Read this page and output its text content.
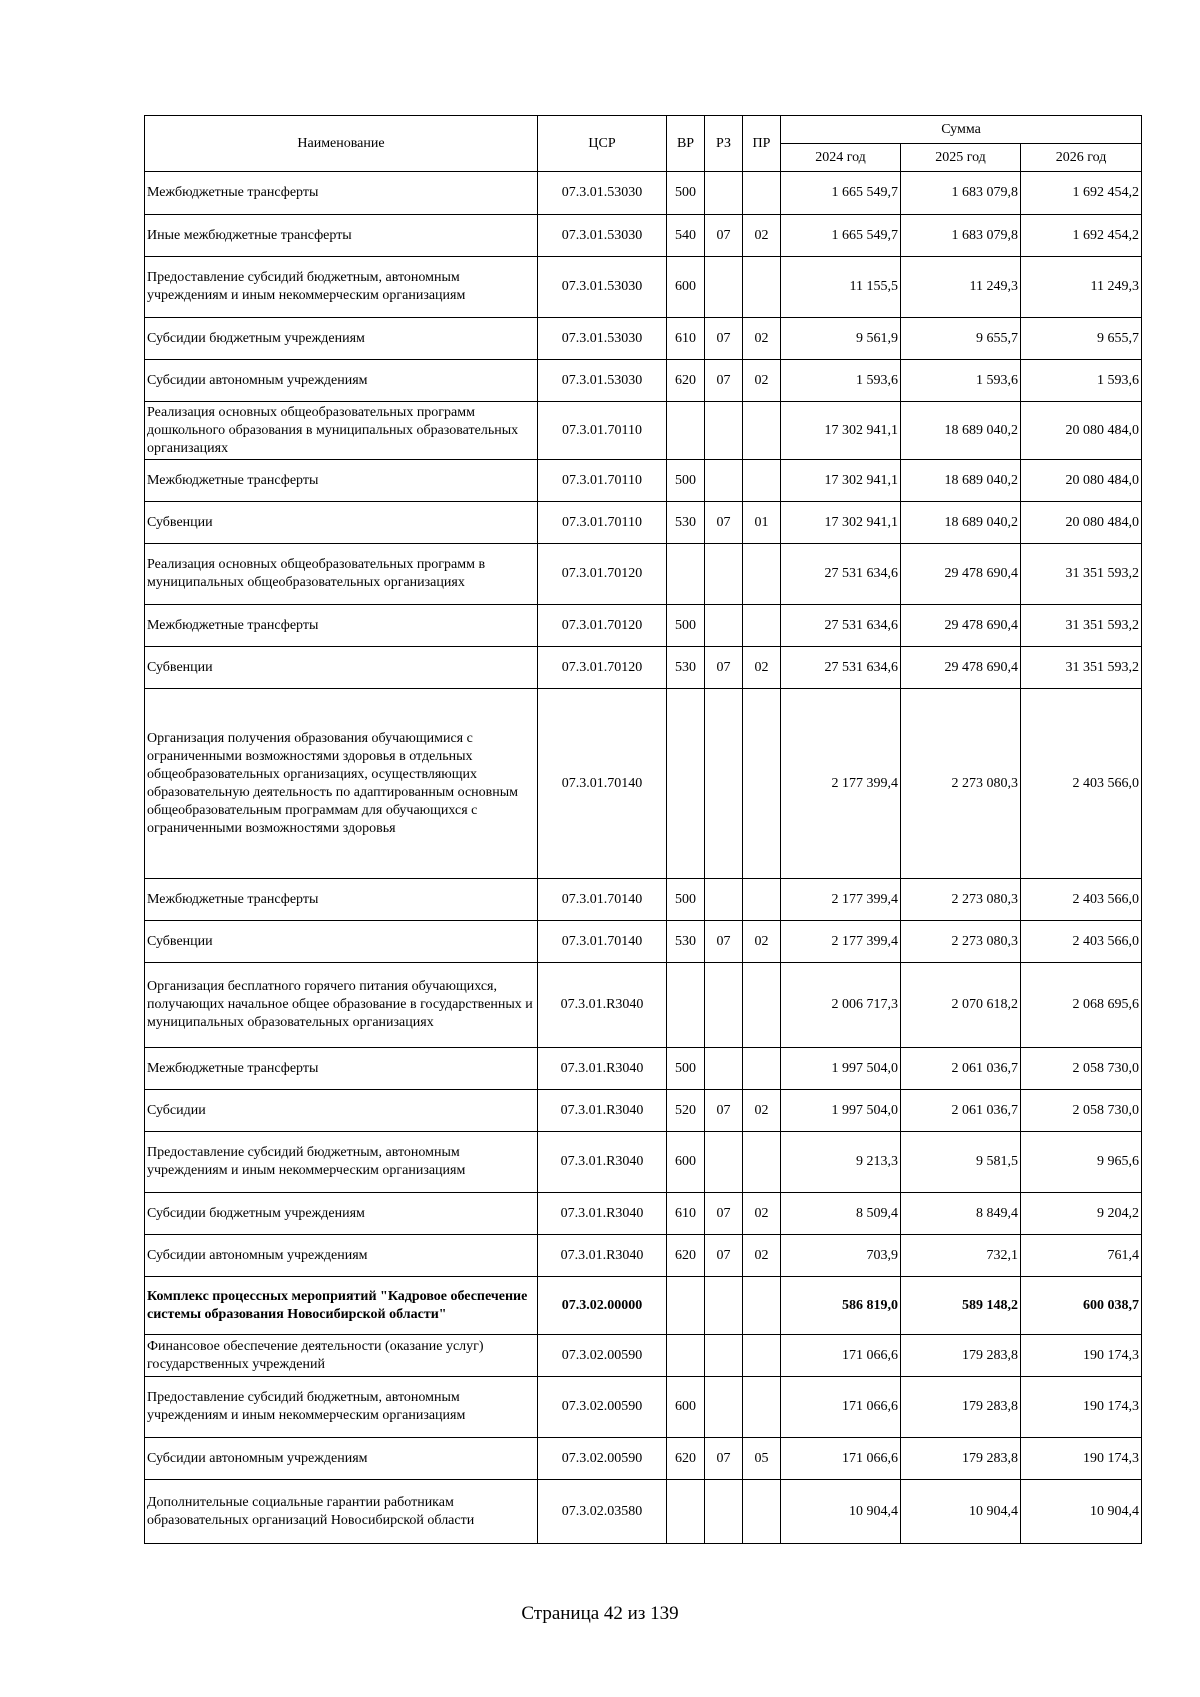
Наименование	ЦСР	ВР	РЗ	ПР	Сумма		
					2024 год	2025 год	2026 год
Межбюджетные трансферты	07.3.01.53030	500			1 665 549,7	1 683 079,8	1 692 454,2
Иные межбюджетные трансферты	07.3.01.53030	540	07	02	1 665 549,7	1 683 079,8	1 692 454,2
Предоставление субсидий бюджетным, автономным учреждениям и иным некоммерческим организациям	07.3.01.53030	600			11 155,5	11 249,3	11 249,3
Субсидии бюджетным учреждениям	07.3.01.53030	610	07	02	9 561,9	9 655,7	9 655,7
Субсидии автономным учреждениям	07.3.01.53030	620	07	02	1 593,6	1 593,6	1 593,6
Реализация основных общеобразовательных программ дошкольного образования в муниципальных образовательных организациях	07.3.01.70110				17 302 941,1	18 689 040,2	20 080 484,0
Межбюджетные трансферты	07.3.01.70110	500			17 302 941,1	18 689 040,2	20 080 484,0
Субвенции	07.3.01.70110	530	07	01	17 302 941,1	18 689 040,2	20 080 484,0
Реализация основных общеобразовательных программ в муниципальных общеобразовательных организациях	07.3.01.70120				27 531 634,6	29 478 690,4	31 351 593,2
Межбюджетные трансферты	07.3.01.70120	500			27 531 634,6	29 478 690,4	31 351 593,2
Субвенции	07.3.01.70120	530	07	02	27 531 634,6	29 478 690,4	31 351 593,2
Организация получения образования обучающимися с ограниченными возможностями здоровья в отдельных общеобразовательных организациях, осуществляющих образовательную деятельность по адаптированным основным общеобразовательным программам для обучающихся с ограниченными возможностями здоровья	07.3.01.70140				2 177 399,4	2 273 080,3	2 403 566,0
Межбюджетные трансферты	07.3.01.70140	500			2 177 399,4	2 273 080,3	2 403 566,0
Субвенции	07.3.01.70140	530	07	02	2 177 399,4	2 273 080,3	2 403 566,0
Организация бесплатного горячего питания обучающихся, получающих начальное общее образование в государственных и муниципальных образовательных организациях	07.3.01.R3040				2 006 717,3	2 070 618,2	2 068 695,6
Межбюджетные трансферты	07.3.01.R3040	500			1 997 504,0	2 061 036,7	2 058 730,0
Субсидии	07.3.01.R3040	520	07	02	1 997 504,0	2 061 036,7	2 058 730,0
Предоставление субсидий бюджетным, автономным учреждениям и иным некоммерческим организациям	07.3.01.R3040	600			9 213,3	9 581,5	9 965,6
Субсидии бюджетным учреждениям	07.3.01.R3040	610	07	02	8 509,4	8 849,4	9 204,2
Субсидии автономным учреждениям	07.3.01.R3040	620	07	02	703,9	732,1	761,4
Комплекс процессных мероприятий "Кадровое обеспечение системы образования Новосибирской области"	07.3.02.00000				586 819,0	589 148,2	600 038,7
Финансовое обеспечение деятельности (оказание услуг) государственных учреждений	07.3.02.00590				171 066,6	179 283,8	190 174,3
Предоставление субсидий бюджетным, автономным учреждениям и иным некоммерческим организациям	07.3.02.00590	600			171 066,6	179 283,8	190 174,3
Субсидии автономным учреждениям	07.3.02.00590	620	07	05	171 066,6	179 283,8	190 174,3
Дополнительные социальные гарантии работникам образовательных организаций Новосибирской области	07.3.02.03580				10 904,4	10 904,4	10 904,4
Страница 42 из 139
